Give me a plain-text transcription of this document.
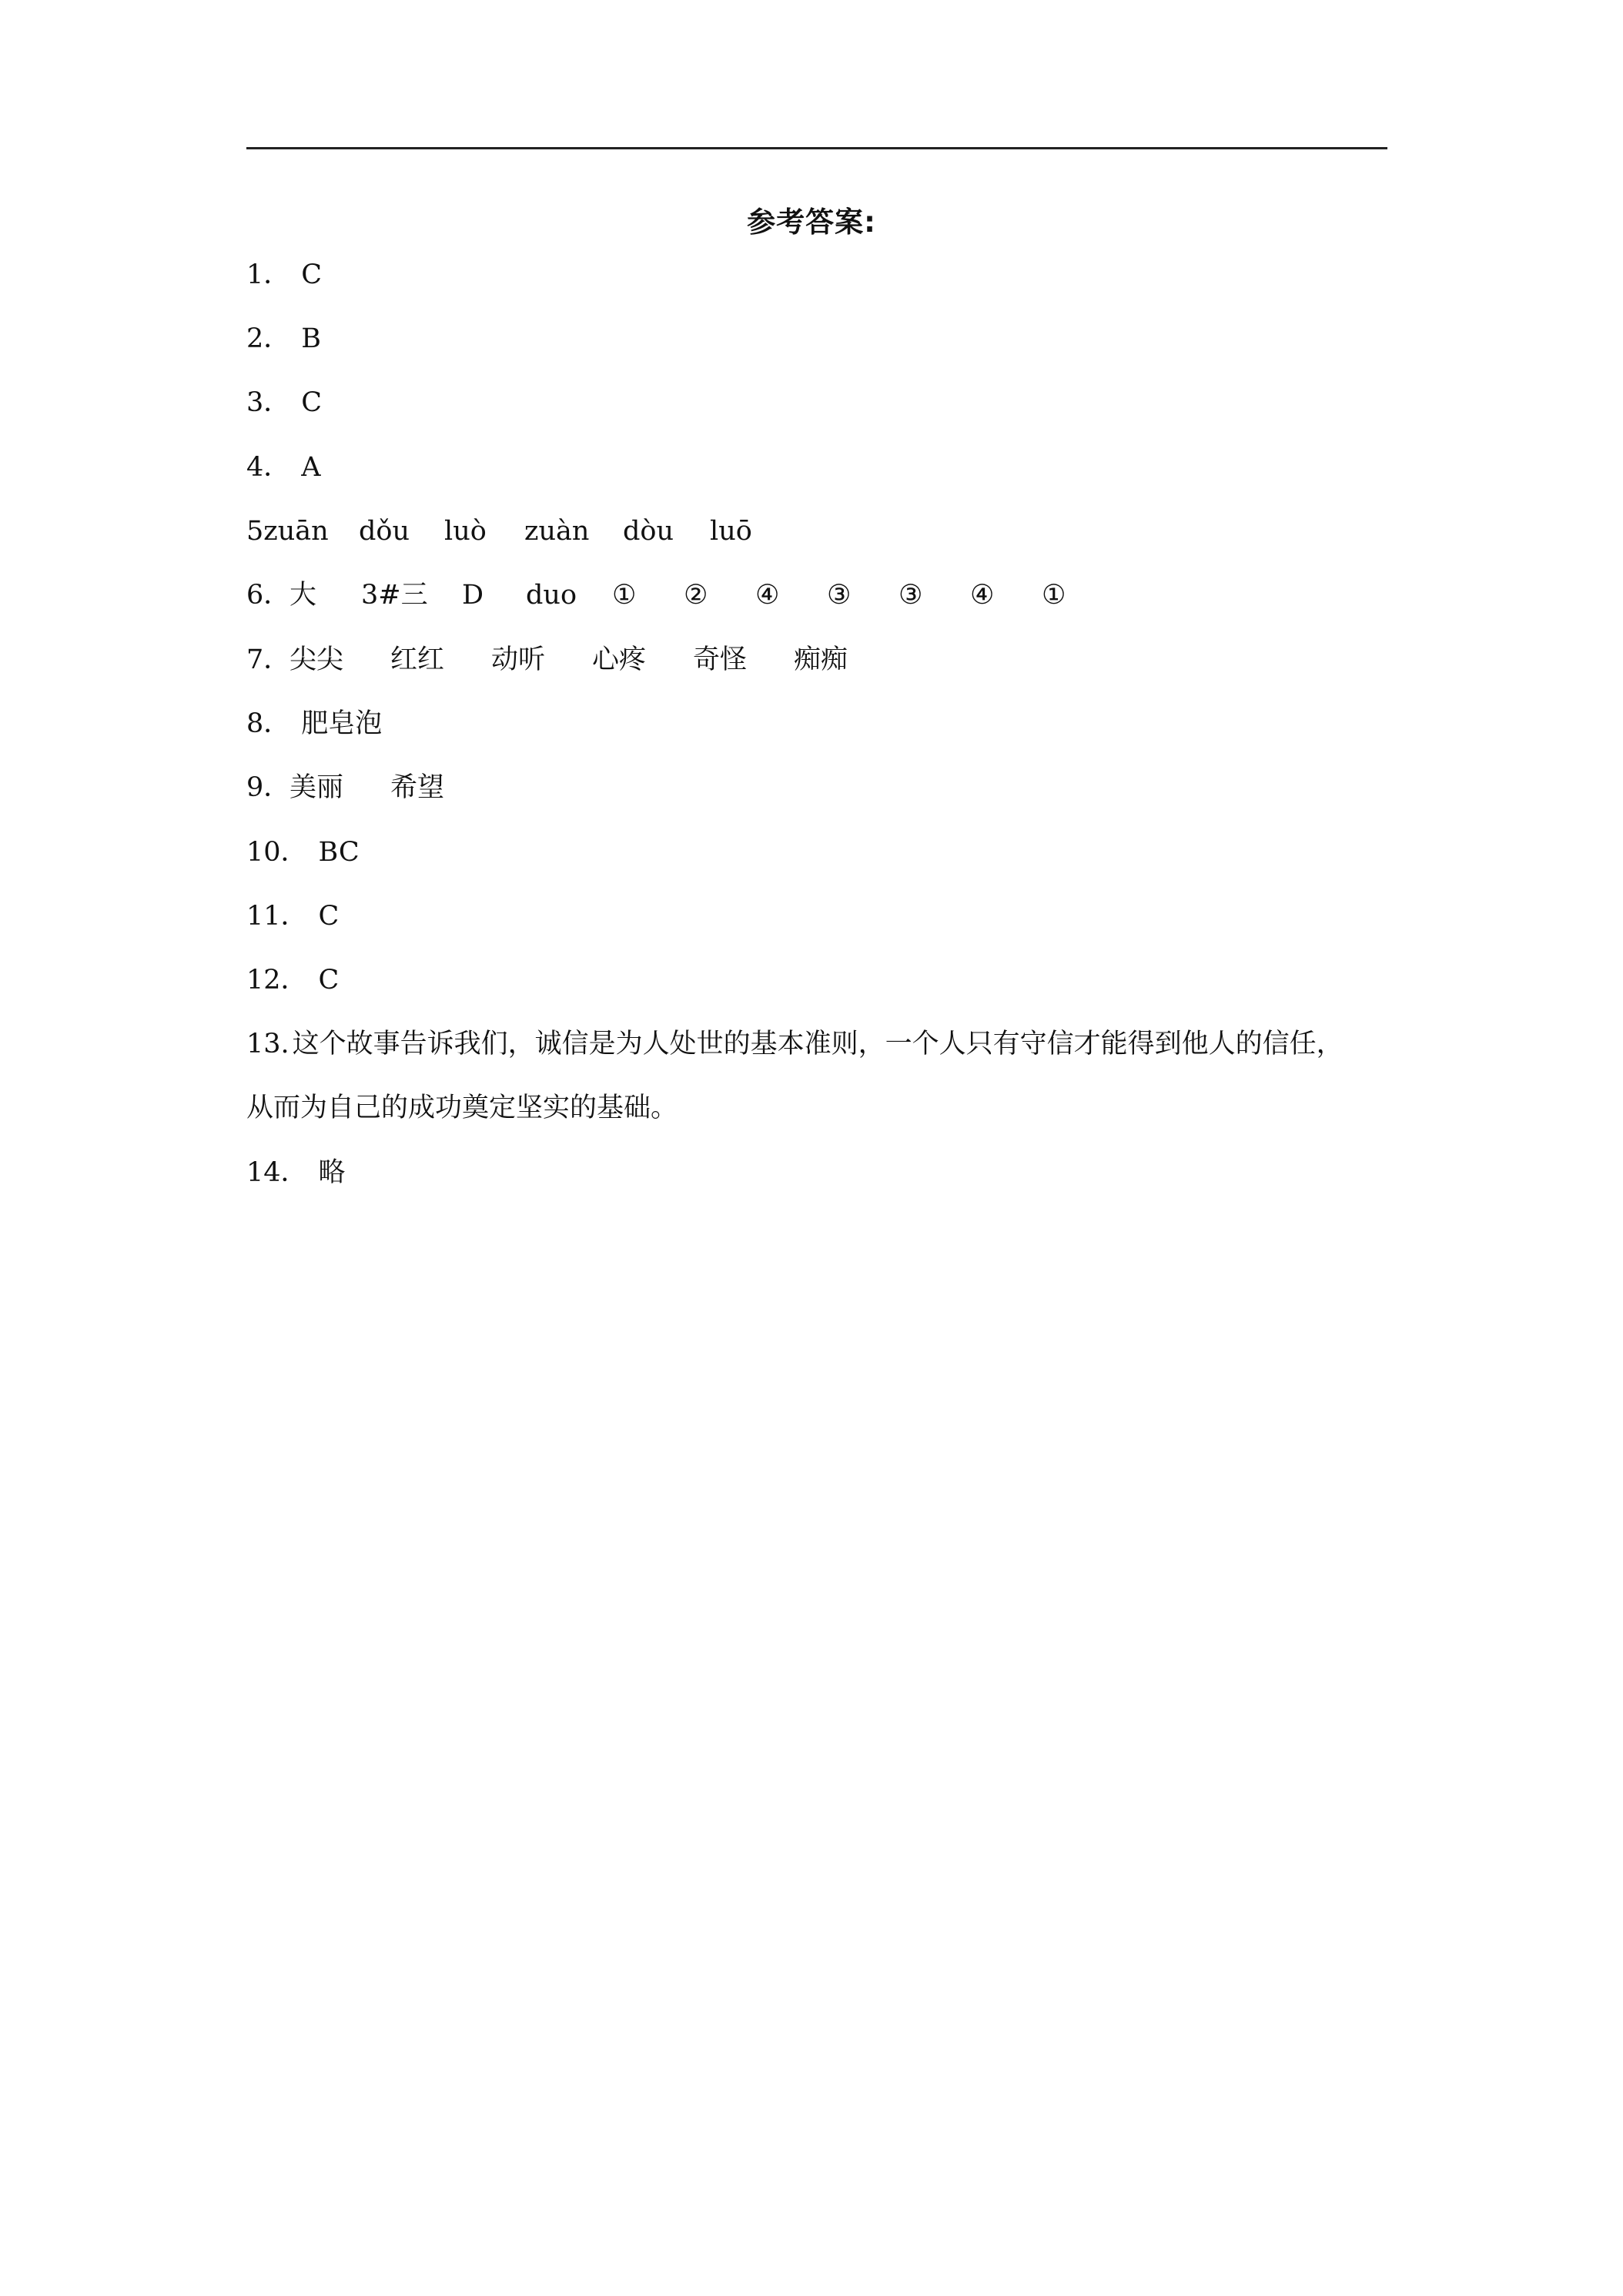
参考答案:
1． C
2． B
3． C
4． A
5zuān dǒu luò zuàn dòu luō
6．
大 3#三 D duo ① ② ④ ③ ③ ④ ①
7．
尖尖 红红 动听 心疼 奇怪 痴痴
8． 肥皂泡
9．
美丽 希望
10． BC
11． C
12． C
13. 这个故事告诉我们，诚信是为人处世的基本准则，一个人只有守信才能得到他人的信任，
从而为自己的成功奠定坚实的基础。
14． 略
